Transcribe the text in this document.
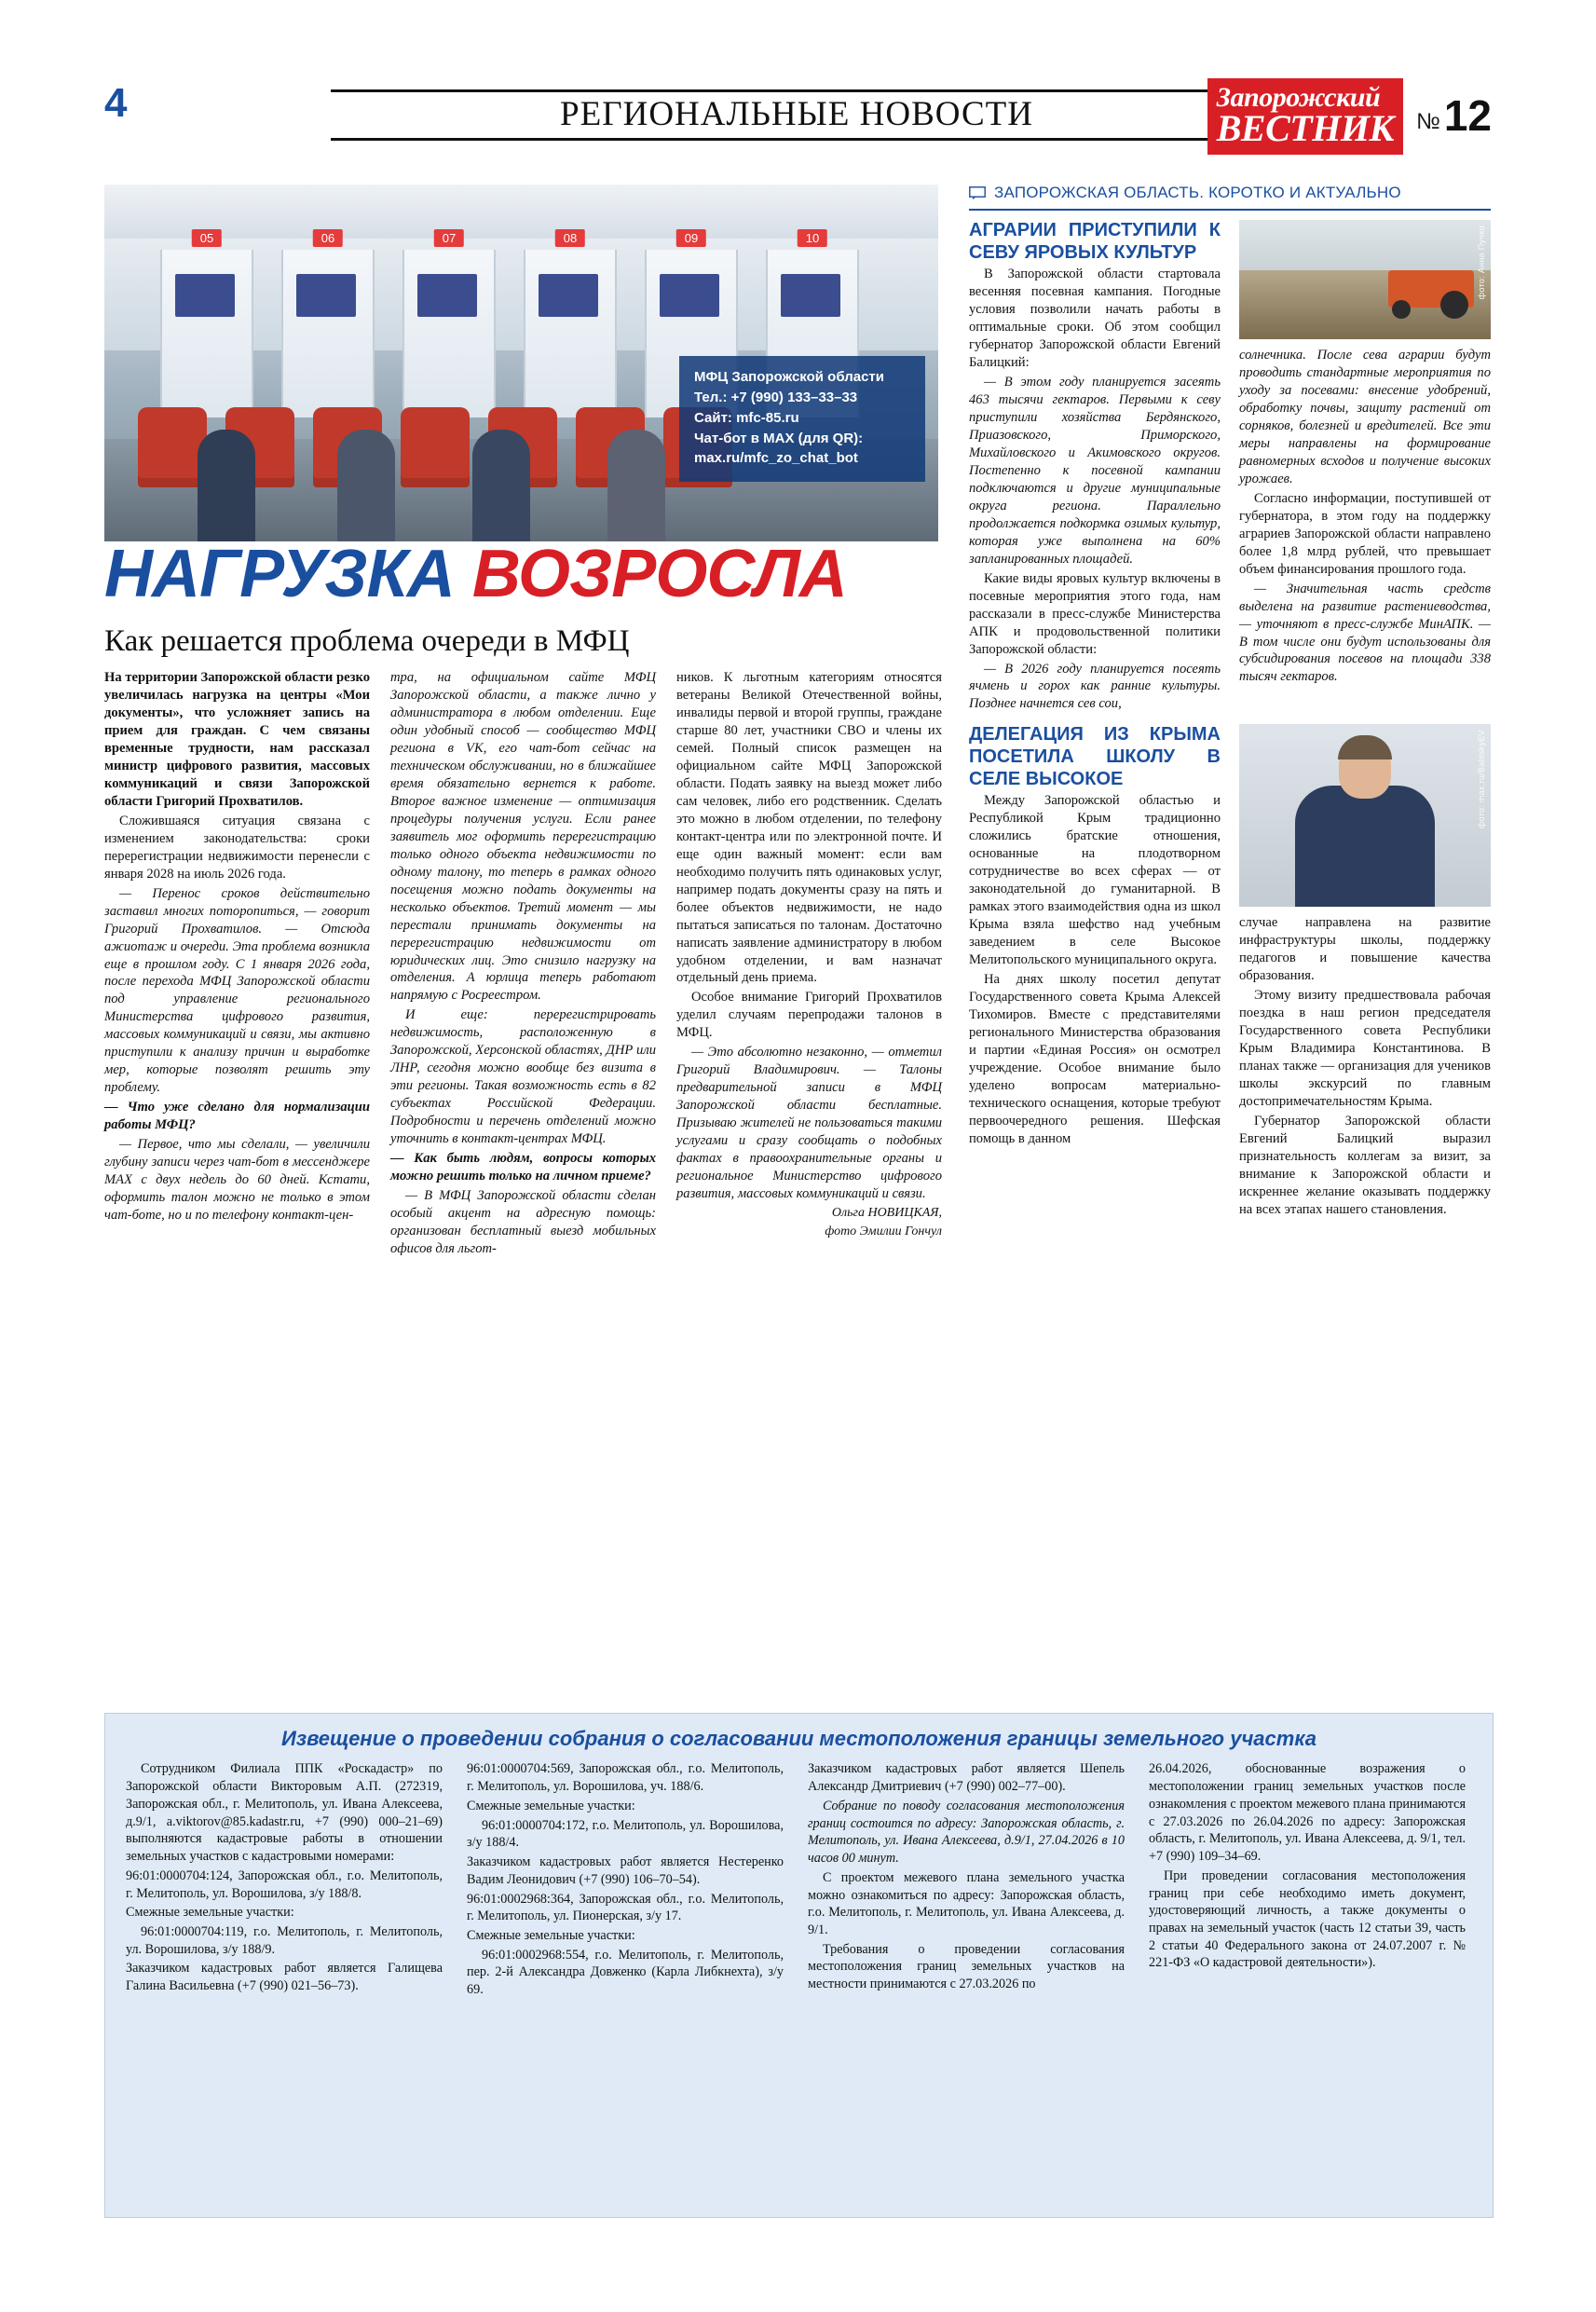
4	РЕГИОНАЛЬНЫЕ НОВОСТИ	Запорожский
ВЕСТНИК № 12
05	06	07	08	09	10
МФЦ Запорожской области
Тел.: +7 (990) 133–33–33
Сайт: mfc-85.ru
Чат-бот в MAX (для QR):
max.ru/mfc_zo_chat_bot
НАГРУЗКА ВОЗРОСЛА
Как решается проблема очереди в МФЦ

На территории Запорожской области резко увеличилась нагрузка на центры «Мои документы», что усложняет запись на прием для граждан. С чем связаны временные трудности, нам рассказал министр цифрового развития, массовых коммуникаций и связи Запорожской области Григорий Прохватилов.

Сложившаяся ситуация связана с изменением законодательства: сроки перерегистрации недвижимости перенесли с января 2028 на июль 2026 года.

— Перенос сроков действительно заставил многих поторопиться, — говорит Григорий Прохватилов. — Отсюда ажиотаж и очереди. Эта проблема возникла еще в прошлом году. С 1 января 2026 года, после перехода МФЦ Запорожской области под управление регионального Министерства цифрового развития, массовых коммуникаций и связи, мы активно приступили к анализу причин и выработке мер, которые позволят решить эту проблему.

— Что уже сделано для нормализации работы МФЦ?

— Первое, что мы сделали, — увеличили глубину записи через чат-бот в мессенджере МАХ с двух недель до 60 дней. Кстати, оформить талон можно не только в этом чат-боте, но и по телефону контакт-цен-

тра, на официальном сайте МФЦ Запорожской области, а также лично у администратора в любом отделении. Еще один удобный способ — сообщество МФЦ региона в VK, его чат-бот сейчас на техническом обслуживании, но в ближайшее время обязательно вернется к работе. Второе важное изменение — оптимизация процедуры получения услуги. Если ранее заявитель мог оформить перерегистрацию только одного объекта недвижимости по одному талону, то теперь в рамках одного посещения можно подать документы на несколько объектов. Третий момент — мы перестали принимать документы на перерегистрацию недвижимости от юридических лиц. Это снизило нагрузку на отделения. А юрлица теперь работают напрямую с Росреестром.

И еще: перерегистрировать недвижимость, расположенную в Запорожской, Херсонской областях, ДНР или ЛНР, сегодня можно вообще без визита в эти регионы. Такая возможность есть в 82 субъектах Российской Федерации. Подробности и перечень отделений можно уточнить в контакт-центрах МФЦ.

— Как быть людям, вопросы которых можно решить только на личном приеме?

— В МФЦ Запорожской области сделан особый акцент на адресную помощь: организован бесплатный выезд мобильных офисов для льгот-

ников. К льготным категориям относятся ветераны Великой Отечественной войны, инвалиды первой и второй группы, граждане старше 80 лет, участники СВО и члены их семей. Полный список размещен на официальном сайте МФЦ Запорожской области. Подать заявку на выезд может либо сам человек, либо его родственник. Сделать это можно в любом отделении, по телефону контакт-центра или по электронной почте. И еще один важный момент: если вам необходимо получить пять одинаковых услуг, например подать документы сразу на пять и более объектов недвижимости, не надо пытаться записаться по талонам. Достаточно написать заявление администратору в любом удобном отделении, и вам назначат отдельный день приема.

Особое внимание Григорий Прохватилов уделил случаям перепродажи талонов в МФЦ.

— Это абсолютно незаконно, — отметил Григорий Владимирович. — Талоны предварительной записи в МФЦ Запорожской области бесплатные. Призываю жителей не пользоваться такими услугами и сразу сообщать о подобных фактах в правоохранительные органы и региональное Министерство цифрового развития, массовых коммуникаций и связи.

Ольга НОВИЦКАЯ,

фото Эмилии Гончул

ЗАПОРОЖСКАЯ ОБЛАСТЬ. КОРОТКО И АКТУАЛЬНО

АГРАРИИ ПРИСТУПИЛИ К СЕВУ ЯРОВЫХ КУЛЬТУР

В Запорожской области стартовала весенняя посевная кампания. Погодные условия позволили начать работы в оптимальные сроки. Об этом сообщил губернатор Запорожской области Евгений Балицкий:

— В этом году планируется засеять 463 тысячи гектаров. Первыми к севу приступили хозяйства Бердянского, Приазовского, Приморского, Михайловского и Акимовского округов. Постепенно к посевной кампании подключаются и другие муниципальные округа региона. Параллельно продолжается подкормка озимых культур, которая уже выполнена на 60% запланированных площадей.

Какие виды яровых культур включены в посевные мероприятия этого года, нам рассказали в пресс-службе Министерства АПК и продовольственной политики Запорожской области:

— В 2026 году планируется посеять ячмень и горох как ранние культуры. Позднее начнется сев сои,

фото: Анна Пучко

солнечника. После сева аграрии будут проводить стандартные мероприятия по уходу за посевами: внесение удобрений, обработку почвы, защиту растений от сорняков, болезней и вредителей. Все эти меры направлены на формирование равномерных всходов и получение высоких урожаев.

Согласно информации, поступившей от губернатора, в этом году на поддержку аграриев Запорожской области направлено более 1,8 млрд рублей, что превышает объем финансирования прошлого года.

— Значительная часть средств выделена на развитие растениеводства, — уточняют в пресс-службе МинАПК. — В том числе они будут использованы для субсидирования посевов на площади 338 тысяч гектаров.

ДЕЛЕГАЦИЯ ИЗ КРЫМА ПОСЕТИЛА ШКОЛУ В СЕЛЕ ВЫСОКОЕ

Между Запорожской областью и Республикой Крым традиционно сложились братские отношения, основанные на плодотворном сотрудничестве во всех сферах — от законодательной до гуманитарной. В рамках этого взаимодействия одна из школ Крыма взяла шефство над учебным заведением в селе Высокое Мелитопольского муниципального округа.

На днях школу посетил депутат Государственного совета Крыма Алексей Тихомиров. Вместе с представителями регионального Министерства образования и партии «Единая Россия» он осмотрел учреждение. Особое внимание было уделено вопросам материально-технического оснащения, которые требуют первоочередного решения. Шефская помощь в данном

фото: max.ru/BalitskyEV

случае направлена на развитие инфраструктуры школы, поддержку педагогов и повышение качества образования.

Этому визиту предшествовала рабочая поездка в наш регион председателя Государственного совета Республики Крым Владимира Константинова. В планах также — организация для учеников школы экскурсий по главным достопримечательностям Крыма.

Губернатор Запорожской области Евгений Балицкий выразил признательность коллегам за визит, за внимание к Запорожской области и искреннее желание оказывать поддержку на всех этапах нашего становления.

Извещение о проведении собрания о согласовании местоположения границы земельного участка

Сотрудником Филиала ППК «Роскадастр» по Запорожской области Викторовым А.П. (272319, Запорожская обл., г. Мелитополь, ул. Ивана Алексеева, д.9/1, a.viktorov@85.kadastr.ru, +7 (990) 000–21–69) выполняются кадастровые работы в отношении земельных участков с кадастровыми номерами:

96:01:0000704:124, Запорожская обл., г.о. Мелитополь, г. Мелитополь, ул. Ворошилова, з/у 188/8.

Смежные земельные участки:

96:01:0000704:119, г.о. Мелитополь, г. Мелитополь, ул. Ворошилова, з/у 188/9.

Заказчиком кадастровых работ является Галищева Галина Васильевна (+7 (990) 021–56–73).

96:01:0000704:569, Запорожская обл., г.о. Мелитополь, г. Мелитополь, ул. Ворошилова, уч. 188/6.

Смежные земельные участки:

96:01:0000704:172, г.о. Мелитополь, ул. Ворошилова, з/у 188/4.

Заказчиком кадастровых работ является Нестеренко Вадим Леонидович (+7 (990) 106–70–54).

96:01:0002968:364, Запорожская обл., г.о. Мелитополь, г. Мелитополь, ул. Пионерская, з/у 17.

Смежные земельные участки:

96:01:0002968:554, г.о. Мелитополь, г. Мелитополь, пер. 2-й Александра Довженко (Карла Либкнехта), з/у 69.

Заказчиком кадастровых работ является Шепель Александр Дмитриевич (+7 (990) 002–77–00).

Собрание по поводу согласования местоположения границ состоится по адресу: Запорожская область, г. Мелитополь, ул. Ивана Алексеева, д.9/1, 27.04.2026 в 10 часов 00 минут.

С проектом межевого плана земельного участка можно ознакомиться по адресу: Запорожская область, г.о. Мелитополь, г. Мелитополь, ул. Ивана Алексеева, д. 9/1.

Требования о проведении согласования местоположения границ земельных участков на местности принимаются с 27.03.2026 по

26.04.2026, обоснованные возражения о местоположении границ земельных участков после ознакомления с проектом межевого плана принимаются с 27.03.2026 по 26.04.2026 по адресу: Запорожская область, г. Мелитополь, ул. Ивана Алексеева, д. 9/1, тел. +7 (990) 109–34–69.

При проведении согласования местоположения границ при себе необходимо иметь документ, удостоверяющий личность, а также документы о правах на земельный участок (часть 12 статьи 39, часть 2 статьи 40 Федерального закона от 24.07.2007 г. № 221-ФЗ «О кадастровой деятельности»).
